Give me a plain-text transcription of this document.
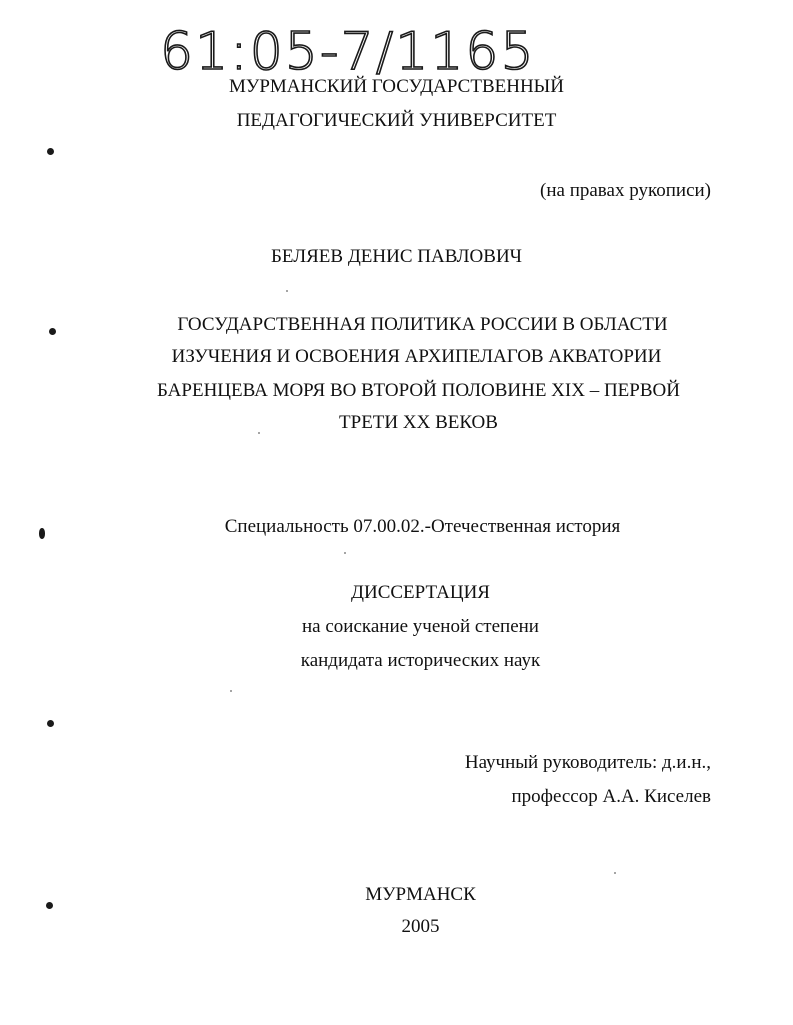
61:05-7/1165
МУРМАНСКИЙ ГОСУДАРСТВЕННЫЙ
ПЕДАГОГИЧЕСКИЙ УНИВЕРСИТЕТ
(на правах рукописи)
БЕЛЯЕВ ДЕНИС ПАВЛОВИЧ
ГОСУДАРСТВЕННАЯ ПОЛИТИКА РОССИИ В ОБЛАСТИ
ИЗУЧЕНИЯ И ОСВОЕНИЯ АРХИПЕЛАГОВ АКВАТОРИИ
БАРЕНЦЕВА МОРЯ ВО ВТОРОЙ ПОЛОВИНЕ XIX – ПЕРВОЙ
ТРЕТИ XX ВЕКОВ
Специальность 07.00.02.-Отечественная история
ДИССЕРТАЦИЯ
на соискание ученой степени
кандидата исторических наук
Научный руководитель: д.и.н.,
профессор А.А. Киселев
МУРМАНСК
2005
